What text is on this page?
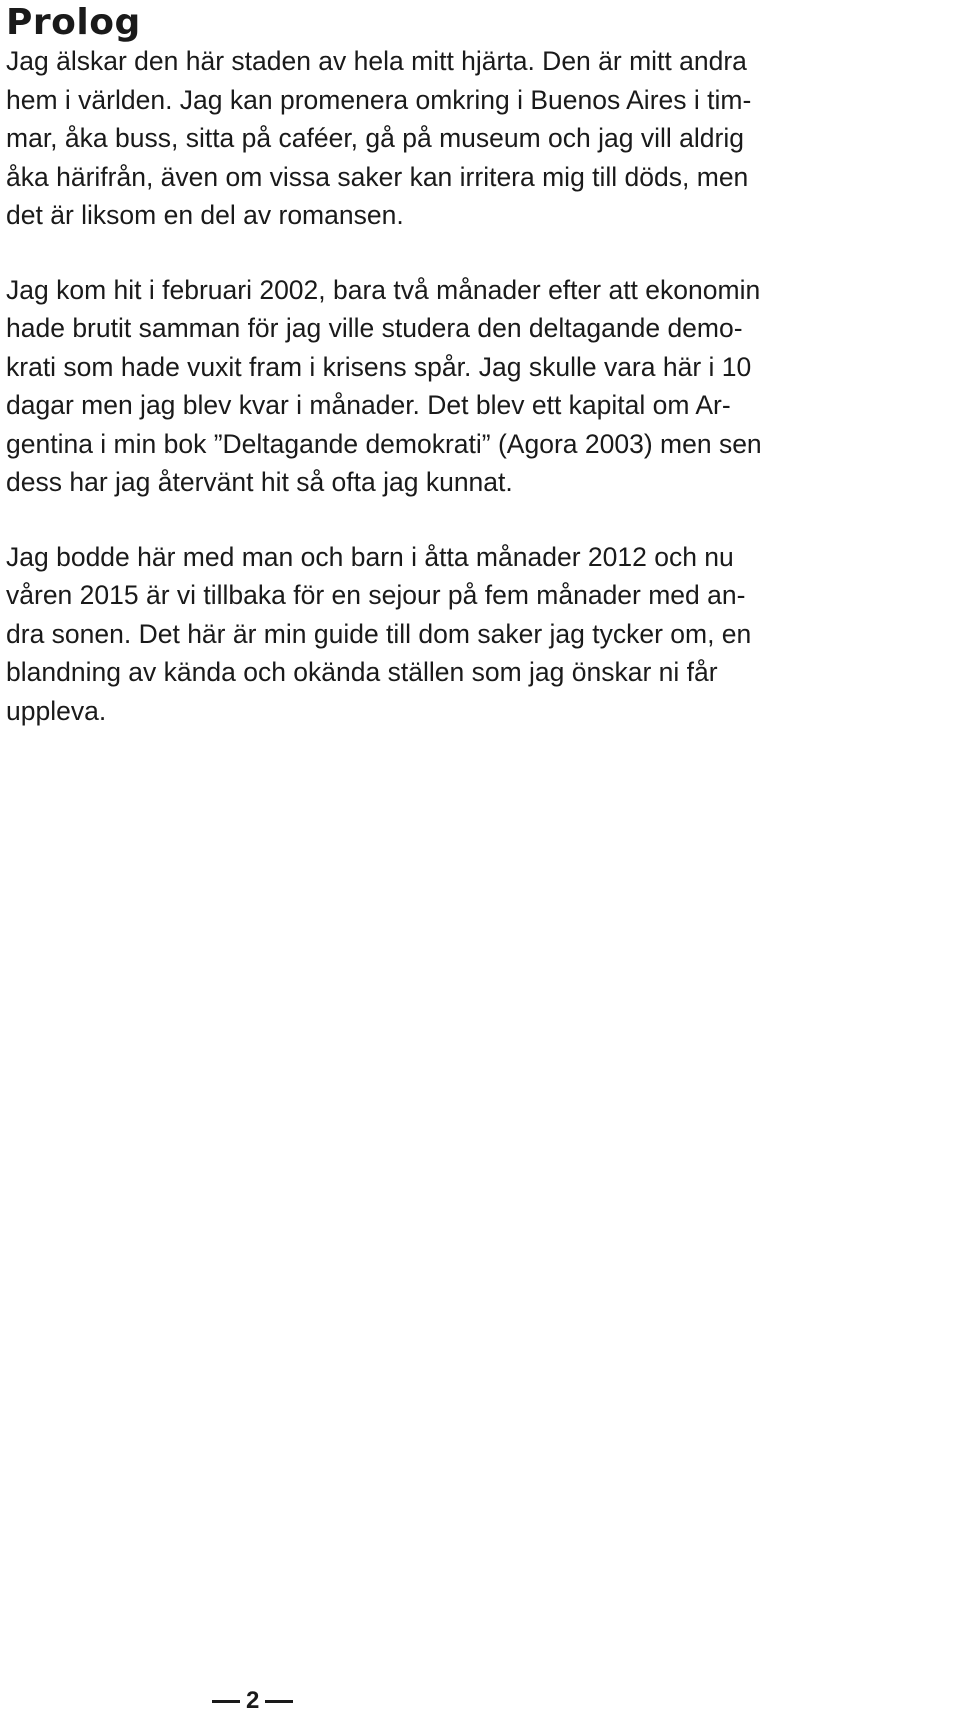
Prolog

Jag älskar den här staden av hela mitt hjärta. Den är mitt andra
hem i världen. Jag kan promenera omkring i Buenos Aires i tim-
mar, åka buss, sitta på caféer, gå på museum och jag vill aldrig
åka härifrån, även om vissa saker kan irritera mig till döds, men
det är liksom en del av romansen.

Jag kom hit i februari 2002, bara två månader efter att ekonomin
hade brutit samman för jag ville studera den deltagande demo-
krati som hade vuxit fram i krisens spår. Jag skulle vara här i 10
dagar men jag blev kvar i månader. Det blev ett kapital om Ar-
gentina i min bok ”Deltagande demokrati” (Agora 2003) men sen
dess har jag återvänt hit så ofta jag kunnat.

Jag bodde här med man och barn i åtta månader 2012 och nu
våren 2015 är vi tillbaka för en sejour på fem månader med an-
dra sonen. Det här är min guide till dom saker jag tycker om, en
blandning av kända och okända ställen som jag önskar ni får
uppleva.

2
